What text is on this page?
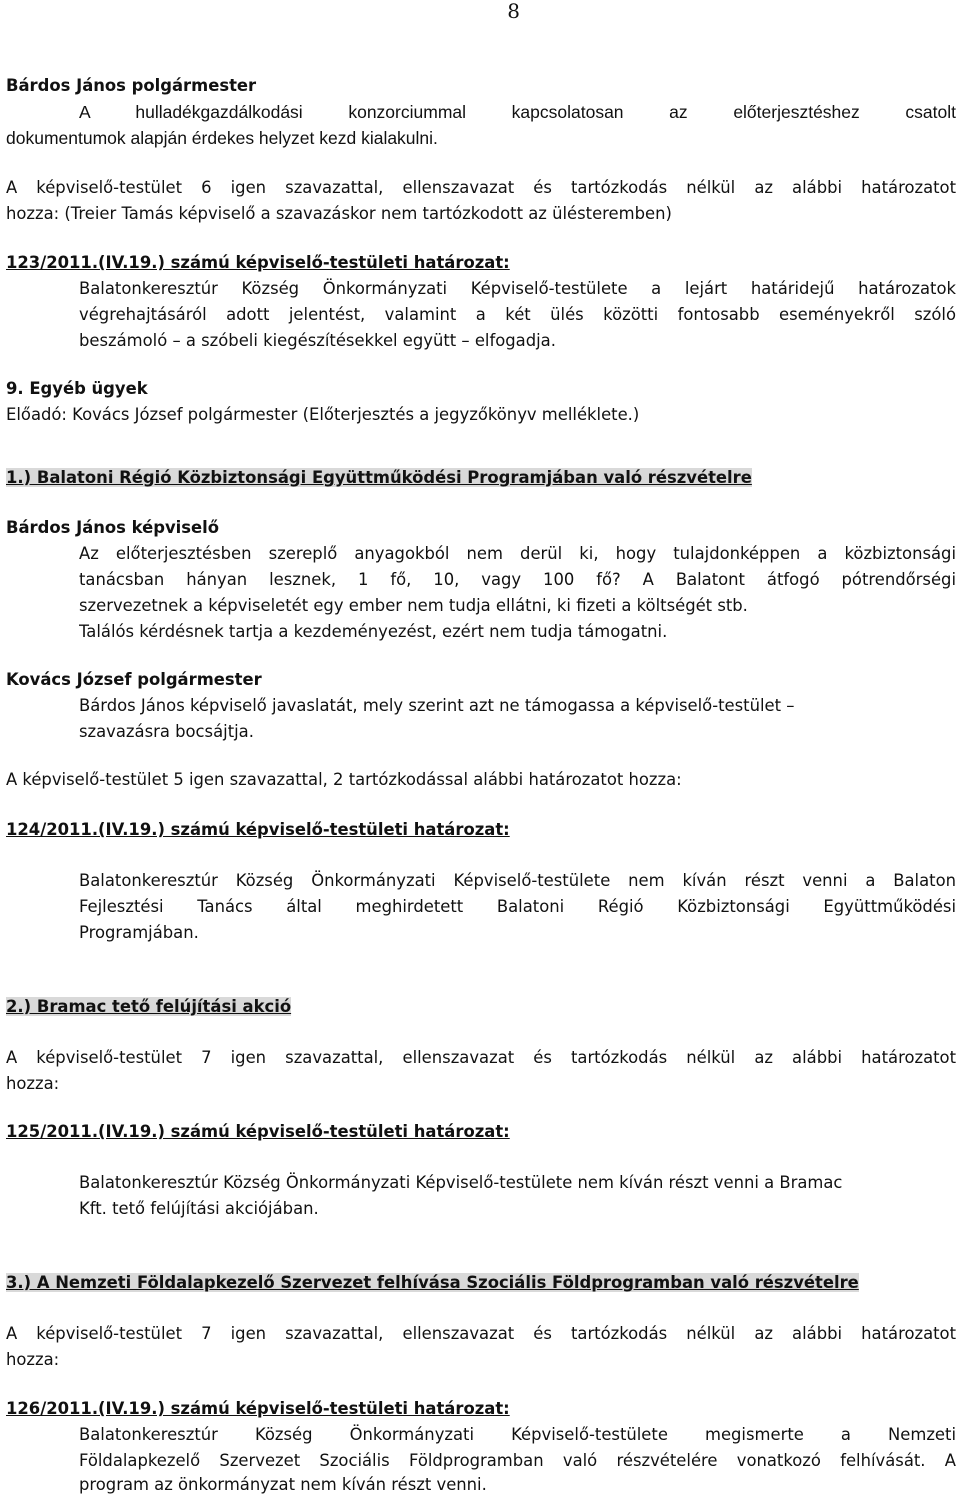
8
Bárdos János polgármester
A hulladékgazdálkodási konzorciummal kapcsolatosan az előterjesztéshez csatolt
dokumentumok alapján érdekes helyzet kezd kialakulni.
A képviselő-testület 6 igen szavazattal, ellenszavazat és tartózkodás nélkül az alábbi határozatot
hozza: (Treier Tamás képviselő a szavazáskor nem tartózkodott az ülésteremben)
123/2011.(IV.19.) számú képviselő-testületi határozat:
Balatonkeresztúr Község Önkormányzati Képviselő-testülete a lejárt határidejű határozatok
végrehajtásáról adott jelentést, valamint a két ülés közötti fontosabb eseményekről szóló
beszámoló – a szóbeli kiegészítésekkel együtt – elfogadja.
9. Egyéb ügyek
Előadó: Kovács József polgármester (Előterjesztés a jegyzőkönyv melléklete.)
1.) Balatoni Régió Közbiztonsági Együttműködési Programjában való részvételre
Bárdos János képviselő
Az előterjesztésben szereplő anyagokból nem derül ki, hogy tulajdonképpen a közbiztonsági
tanácsban hányan lesznek, 1 fő, 10, vagy 100 fő? A Balatont átfogó pótrendőrségi
szervezetnek a képviseletét egy ember nem tudja ellátni, ki fizeti a költségét stb.
Találós kérdésnek tartja a kezdeményezést, ezért nem tudja támogatni.
Kovács József polgármester
Bárdos János képviselő javaslatát, mely szerint azt ne támogassa a képviselő-testület –
szavazásra bocsájtja.
A képviselő-testület 5 igen szavazattal, 2 tartózkodással alábbi határozatot hozza:
124/2011.(IV.19.) számú képviselő-testületi határozat:
Balatonkeresztúr Község Önkormányzati Képviselő-testülete nem kíván részt venni a Balaton
Fejlesztési Tanács által meghirdetett Balatoni Régió Közbiztonsági Együttműködési
Programjában.
2.) Bramac tető felújítási akció
A képviselő-testület 7 igen szavazattal, ellenszavazat és tartózkodás nélkül az alábbi határozatot
hozza:
125/2011.(IV.19.) számú képviselő-testületi határozat:
Balatonkeresztúr Község Önkormányzati Képviselő-testülete nem kíván részt venni a Bramac
Kft. tető felújítási akciójában.
3.) A Nemzeti Földalapkezelő Szervezet felhívása Szociális Földprogramban való részvételre
A képviselő-testület 7 igen szavazattal, ellenszavazat és tartózkodás nélkül az alábbi határozatot
hozza:
126/2011.(IV.19.) számú képviselő-testületi határozat:
Balatonkeresztúr Község Önkormányzati Képviselő-testülete megismerte a Nemzeti
Földalapkezelő Szervezet Szociális Földprogramban való részvételére vonatkozó felhívását. A
program az önkormányzat nem kíván részt venni.
